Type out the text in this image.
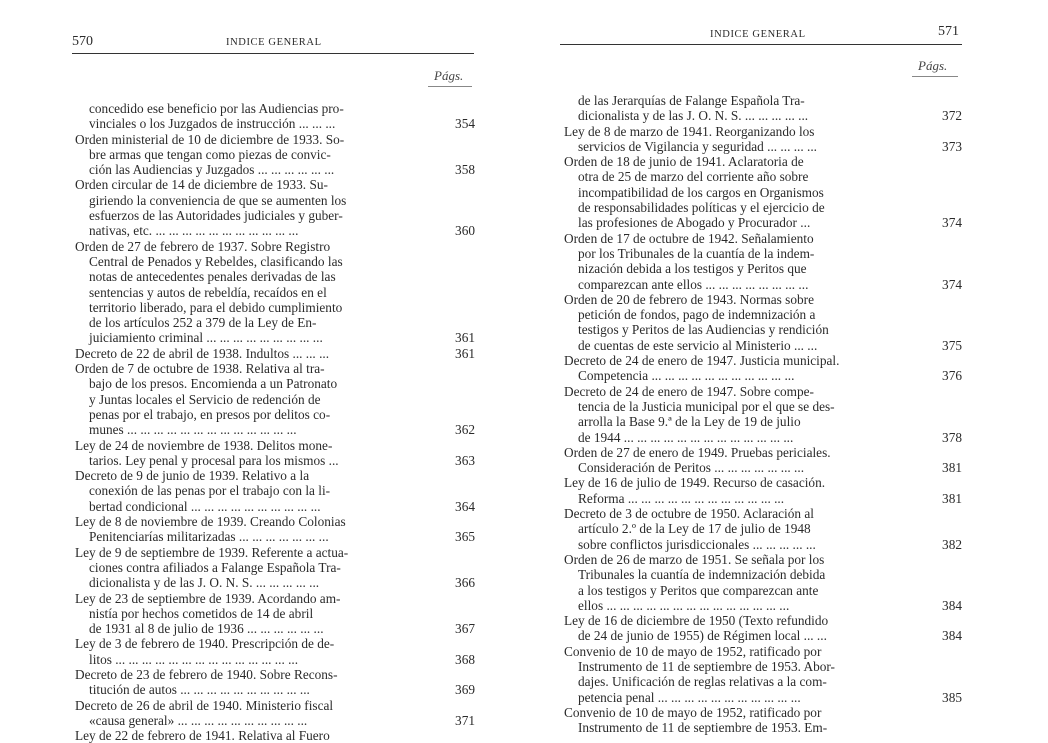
570	INDICE GENERAL
Págs.
concedido ese beneficio por las Audiencias pro-
vinciales o los Juzgados de instrucción ... ... ...	354
Orden ministerial de 10 de diciembre de 1933. So-
bre armas que tengan como piezas de convic-
ción las Audiencias y Juzgados ... ... ... ... ... ...	358
Orden circular de 14 de diciembre de 1933. Su-
giriendo la conveniencia de que se aumenten los
esfuerzos de las Autoridades judiciales y guber-
nativas, etc. ... ... ... ... ... ... ... ... ... ... ...	360
Orden de 27 de febrero de 1937. Sobre Registro
Central de Penados y Rebeldes, clasificando las
notas de antecedentes penales derivadas de las
sentencias y autos de rebeldía, recaídos en el
territorio liberado, para el debido cumplimiento
de los artículos 252 a 379 de la Ley de En-
juiciamiento criminal ... ... ... ... ... ... ... ... ...	361
Decreto de 22 de abril de 1938. Indultos ... ... ...	361
Orden de 7 de octubre de 1938. Relativa al tra-
bajo de los presos. Encomienda a un Patronato
y Juntas locales el Servicio de redención de
penas por el trabajo, en presos por delitos co-
munes ... ... ... ... ... ... ... ... ... ... ... ... ...	362
Ley de 24 de noviembre de 1938. Delitos mone-
tarios. Ley penal y procesal para los mismos ...	363
Decreto de 9 de junio de 1939. Relativo a la
conexión de las penas por el trabajo con la li-
bertad condicional ... ... ... ... ... ... ... ... ... ...	364
Ley de 8 de noviembre de 1939. Creando Colonias
Penitenciarías militarizadas ... ... ... ... ... ... ...	365
Ley de 9 de septiembre de 1939. Referente a actua-
ciones contra afiliados a Falange Española Tra-
dicionalista y de las J. O. N. S. ... ... ... ... ...	366
Ley de 23 de septiembre de 1939. Acordando am-
nistía por hechos cometidos de 14 de abril
de 1931 al 8 de julio de 1936 ... ... ... ... ... ...	367
Ley de 3 de febrero de 1940. Prescripción de de-
litos ... ... ... ... ... ... ... ... ... ... ... ... ... ...	368
Decreto de 23 de febrero de 1940. Sobre Recons-
titución de autos ... ... ... ... ... ... ... ... ... ...	369
Decreto de 26 de abril de 1940. Ministerio fiscal
«causa general» ... ... ... ... ... ... ... ... ... ...	371
Ley de 22 de febrero de 1941. Relativa al Fuero
INDICE GENERAL	571
Págs.
de las Jerarquías de Falange Española Tra-
dicionalista y de las J. O. N. S. ... ... ... ... ...	372
Ley de 8 de marzo de 1941. Reorganizando los
servicios de Vigilancia y seguridad ... ... ... ...	373
Orden de 18 de junio de 1941. Aclaratoria de
otra de 25 de marzo del corriente año sobre
incompatibilidad de los cargos en Organismos
de responsabilidades políticas y el ejercicio de
las profesiones de Abogado y Procurador ...	374
Orden de 17 de octubre de 1942. Señalamiento
por los Tribunales de la cuantía de la indem-
nización debida a los testigos y Peritos que
comparezcan ante ellos ... ... ... ... ... ... ... ...	374
Orden de 20 de febrero de 1943. Normas sobre
petición de fondos, pago de indemnización a
testigos y Peritos de las Audiencias y rendición
de cuentas de este servicio al Ministerio ... ...	375
Decreto de 24 de enero de 1947. Justicia municipal.
Competencia ... ... ... ... ... ... ... ... ... ... ...	376
Decreto de 24 de enero de 1947. Sobre compe-
tencia de la Justicia municipal por el que se des-
arrolla la Base 9.ª de la Ley de 19 de julio
de 1944 ... ... ... ... ... ... ... ... ... ... ... ... ...	378
Orden de 27 de enero de 1949. Pruebas periciales.
Consideración de Peritos ... ... ... ... ... ... ...	381
Ley de 16 de julio de 1949. Recurso de casación.
Reforma ... ... ... ... ... ... ... ... ... ... ... ...	381
Decreto de 3 de octubre de 1950. Aclaración al
artículo 2.º de la Ley de 17 de julio de 1948
sobre conflictos jurisdiccionales ... ... ... ... ...	382
Orden de 26 de marzo de 1951. Se señala por los
Tribunales la cuantía de indemnización debida
a los testigos y Peritos que comparezcan ante
ellos ... ... ... ... ... ... ... ... ... ... ... ... ... ...	384
Ley de 16 de diciembre de 1950 (Texto refundido
de 24 de junio de 1955) de Régimen local ... ...	384
Convenio de 10 de mayo de 1952, ratificado por
Instrumento de 11 de septiembre de 1953. Abor-
dajes. Unificación de reglas relativas a la com-
petencia penal ... ... ... ... ... ... ... ... ... ... ...	385
Convenio de 10 de mayo de 1952, ratificado por
Instrumento de 11 de septiembre de 1953. Em-
